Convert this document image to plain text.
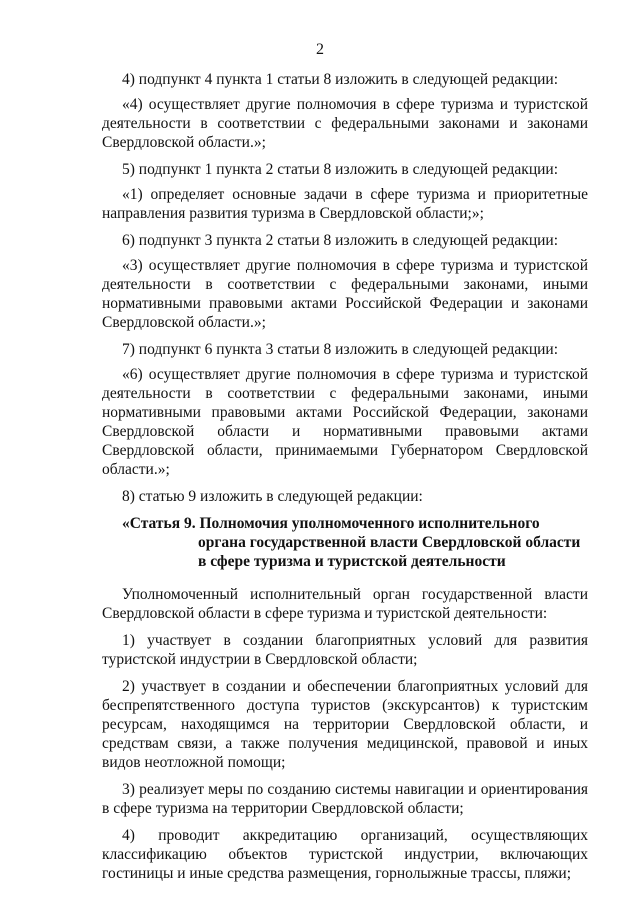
2

4) подпункт 4 пункта 1 статьи 8 изложить в следующей редакции:

«4) осуществляет другие полномочия в сфере туризма и туристской деятельности в соответствии с федеральными законами и законами Свердловской области.»;

5) подпункт 1 пункта 2 статьи 8 изложить в следующей редакции:

«1) определяет основные задачи в сфере туризма и приоритетные направления развития туризма в Свердловской области;»;

6) подпункт 3 пункта 2 статьи 8 изложить в следующей редакции:

«3) осуществляет другие полномочия в сфере туризма и туристской деятельности в соответствии с федеральными законами, иными нормативными правовыми актами Российской Федерации и законами Свердловской области.»;

7) подпункт 6 пункта 3 статьи 8 изложить в следующей редакции:

«6) осуществляет другие полномочия в сфере туризма и туристской деятельности в соответствии с федеральными законами, иными нормативными правовыми актами Российской Федерации, законами Свердловской области и нормативными правовыми актами Свердловской области, принимаемыми Губернатором Свердловской области.»;

8) статью 9 изложить в следующей редакции:

«Статья 9. Полномочия уполномоченного исполнительного
органа государственной власти Свердловской области
в сфере туризма и туристской деятельности

Уполномоченный исполнительный орган государственной власти Свердловской области в сфере туризма и туристской деятельности:

1) участвует в создании благоприятных условий для развития туристской индустрии в Свердловской области;

2) участвует в создании и обеспечении благоприятных условий для беспрепятственного доступа туристов (экскурсантов) к туристским ресурсам, находящимся на территории Свердловской области, и средствам связи, а также получения медицинской, правовой и иных видов неотложной помощи;

3) реализует меры по созданию системы навигации и ориентирования в сфере туризма на территории Свердловской области;

4) проводит аккредитацию организаций, осуществляющих классификацию объектов туристской индустрии, включающих гостиницы и иные средства размещения, горнолыжные трассы, пляжи;
